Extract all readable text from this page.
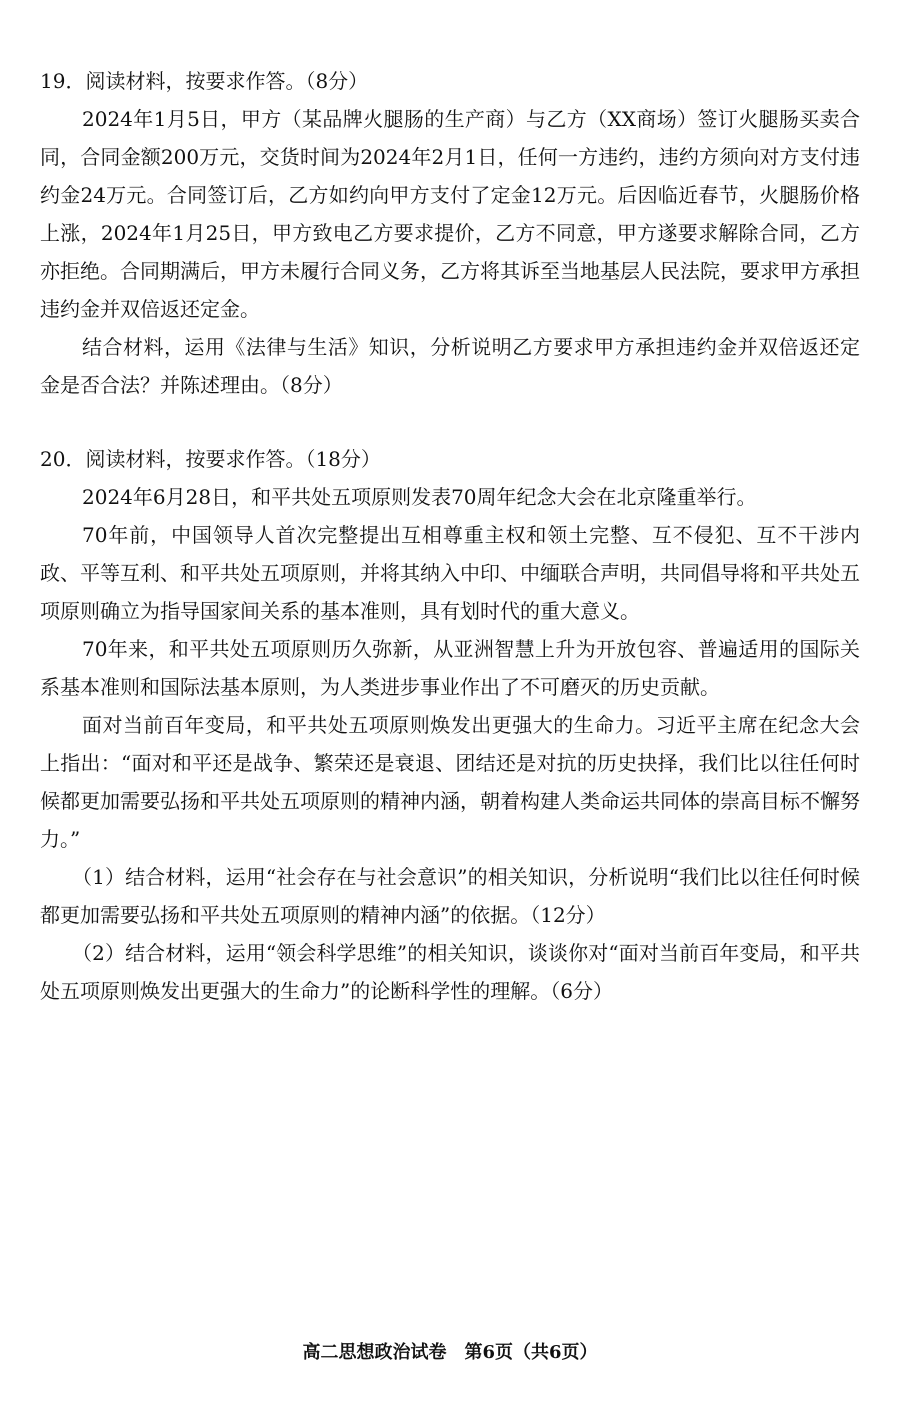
19．阅读材料，按要求作答。（8分）

2024年1月5日，甲方（某品牌火腿肠的生产商）与乙方（XX商场）签订火腿肠买卖合同，合同金额200万元，交货时间为2024年2月1日，任何一方违约，违约方须向对方支付违约金24万元。合同签订后，乙方如约向甲方支付了定金12万元。后因临近春节，火腿肠价格上涨，2024年1月25日，甲方致电乙方要求提价，乙方不同意，甲方遂要求解除合同，乙方亦拒绝。合同期满后，甲方未履行合同义务，乙方将其诉至当地基层人民法院，要求甲方承担违约金并双倍返还定金。

结合材料，运用《法律与生活》知识，分析说明乙方要求甲方承担违约金并双倍返还定金是否合法？并陈述理由。（8分）

20．阅读材料，按要求作答。（18分）

2024年6月28日，和平共处五项原则发表70周年纪念大会在北京隆重举行。

70年前，中国领导人首次完整提出互相尊重主权和领土完整、互不侵犯、互不干涉内政、平等互利、和平共处五项原则，并将其纳入中印、中缅联合声明，共同倡导将和平共处五项原则确立为指导国家间关系的基本准则，具有划时代的重大意义。

70年来，和平共处五项原则历久弥新，从亚洲智慧上升为开放包容、普遍适用的国际关系基本准则和国际法基本原则，为人类进步事业作出了不可磨灭的历史贡献。

面对当前百年变局，和平共处五项原则焕发出更强大的生命力。习近平主席在纪念大会上指出：“面对和平还是战争、繁荣还是衰退、团结还是对抗的历史抉择，我们比以往任何时候都更加需要弘扬和平共处五项原则的精神内涵，朝着构建人类命运共同体的崇高目标不懈努力。”

（1）结合材料，运用“社会存在与社会意识”的相关知识，分析说明“我们比以往任何时候都更加需要弘扬和平共处五项原则的精神内涵”的依据。（12分）

（2）结合材料，运用“领会科学思维”的相关知识，谈谈你对“面对当前百年变局，和平共处五项原则焕发出更强大的生命力”的论断科学性的理解。（6分）

高二思想政治试卷　第6页（共6页）
